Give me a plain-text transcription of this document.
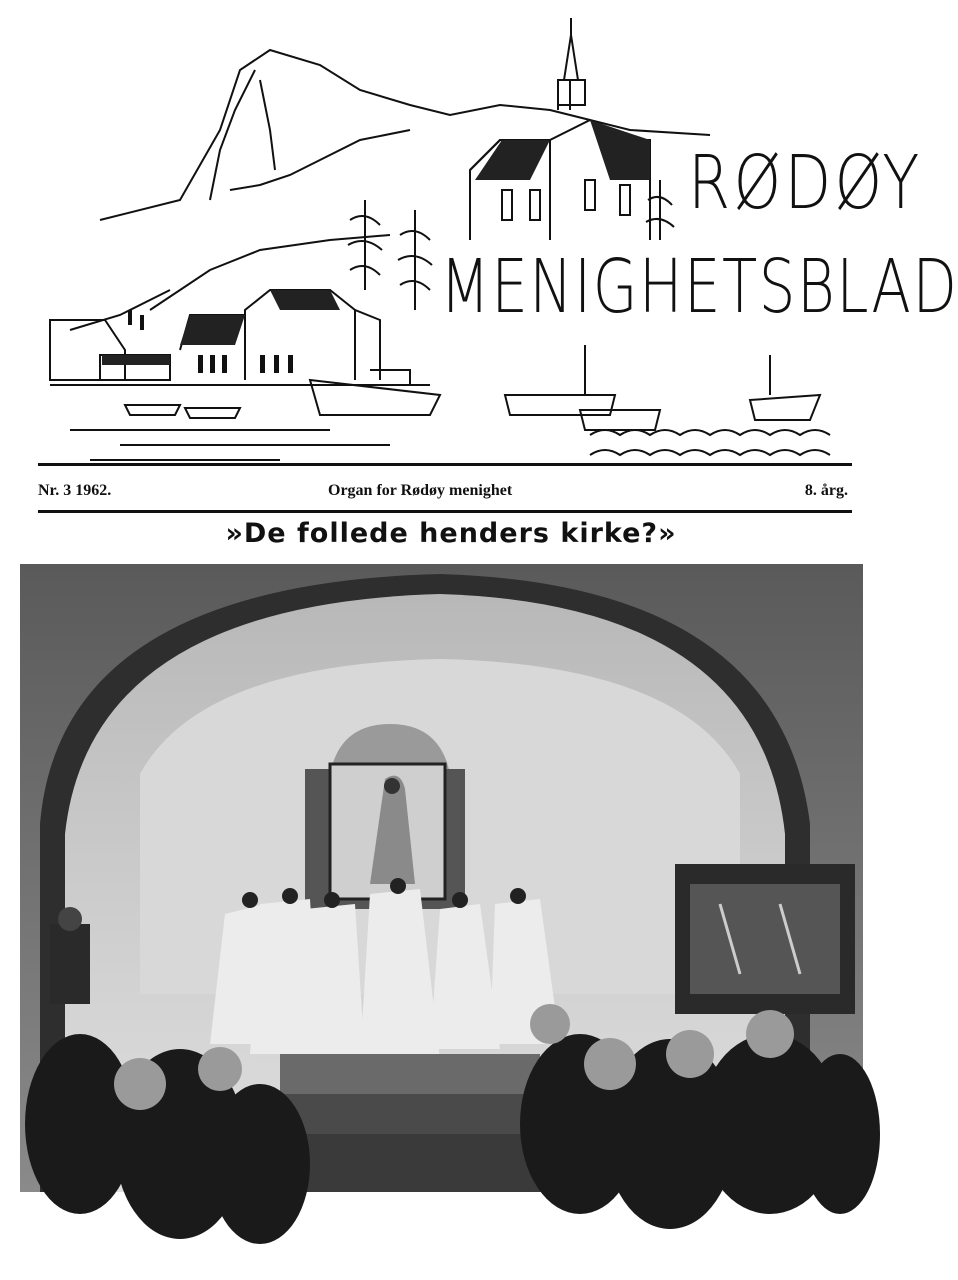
RØDØY
MENIGHETSBLAD
Nr. 3 1962.	Organ for Rødøy menighet	8. årg.
»De follede henders kirke?»
